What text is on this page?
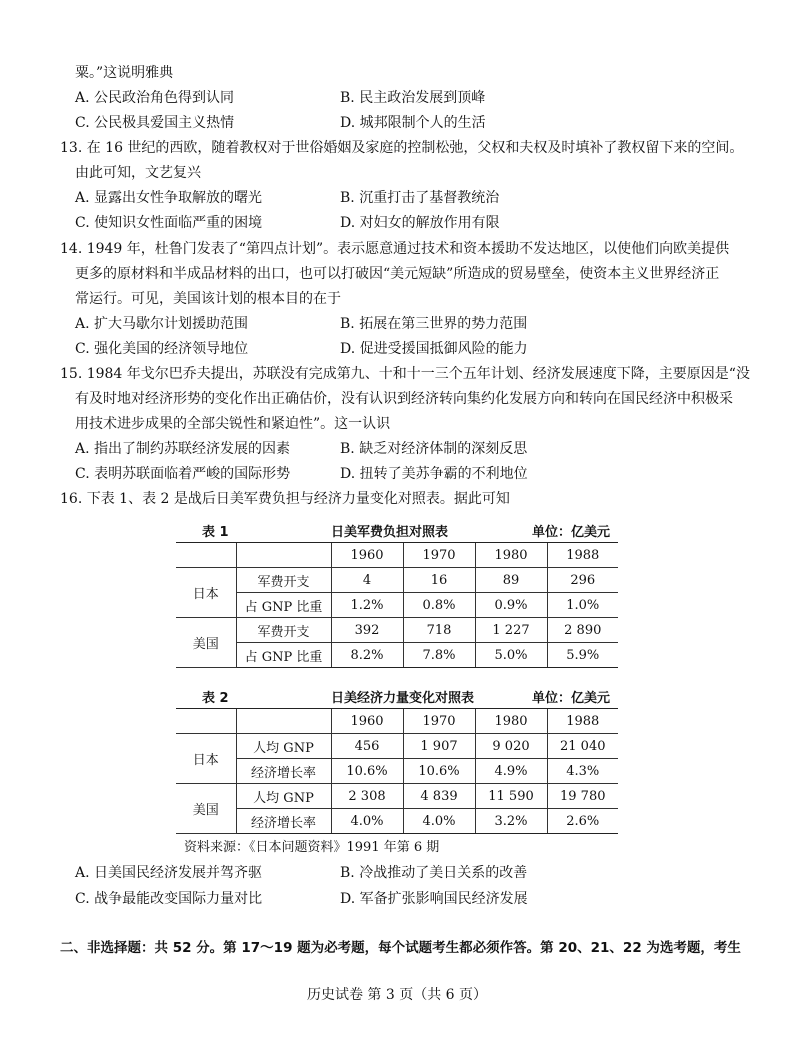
粟。”这说明雅典
A. 公民政治角色得到认同	B. 民主政治发展到顶峰
C. 公民极具爱国主义热情	D. 城邦限制个人的生活
13. 在 16 世纪的西欧，随着教权对于世俗婚姻及家庭的控制松弛，父权和夫权及时填补了教权留下来的空间。
由此可知，文艺复兴
A. 显露出女性争取解放的曙光	B. 沉重打击了基督教统治
C. 使知识女性面临严重的困境	D. 对妇女的解放作用有限
14. 1949 年，杜鲁门发表了“第四点计划”。表示愿意通过技术和资本援助不发达地区，以使他们向欧美提供
更多的原材料和半成品材料的出口，也可以打破因“美元短缺”所造成的贸易壁垒，使资本主义世界经济正
常运行。可见，美国该计划的根本目的在于
A. 扩大马歇尔计划援助范围	B. 拓展在第三世界的势力范围
C. 强化美国的经济领导地位	D. 促进受援国抵御风险的能力
15. 1984 年戈尔巴乔夫提出，苏联没有完成第九、十和十一三个五年计划、经济发展速度下降，主要原因是“没
有及时地对经济形势的变化作出正确估价，没有认识到经济转向集约化发展方向和转向在国民经济中积极采
用技术进步成果的全部尖锐性和紧迫性”。这一认识
A. 指出了制约苏联经济发展的因素	B. 缺乏对经济体制的深刻反思
C. 表明苏联面临着严峻的国际形势	D. 扭转了美苏争霸的不利地位
16. 下表 1、表 2 是战后日美军费负担与经济力量变化对照表。据此可知
表 1		日美军费负担对照表		单位：亿美元	
		1960	1970	1980	1988
日本	军费开支	4	16	89	296
	占 GNP 比重	1.2%	0.8%	0.9%	1.0%
美国	军费开支	392	718	1 227	2 890
	占 GNP 比重	8.2%	7.8%	5.0%	5.9%
表 2		日美经济力量变化对照表		单位：亿美元	
		1960	1970	1980	1988
日本	人均 GNP	456	1 907	9 020	21 040
	经济增长率	10.6%	10.6%	4.9%	4.3%
美国	人均 GNP	2 308	4 839	11 590	19 780
	经济增长率	4.0%	4.0%	3.2%	2.6%
资料来源：《日本问题资料》1991 年第 6 期
A. 日美国民经济发展并驾齐驱	B. 冷战推动了美日关系的改善
C. 战争最能改变国际力量对比	D. 军备扩张影响国民经济发展
二、非选择题：共 52 分。第 17～19 题为必考题，每个试题考生都必须作答。第 20、21、22 为选考题，考生
历史试卷 第 3 页（共 6 页）
